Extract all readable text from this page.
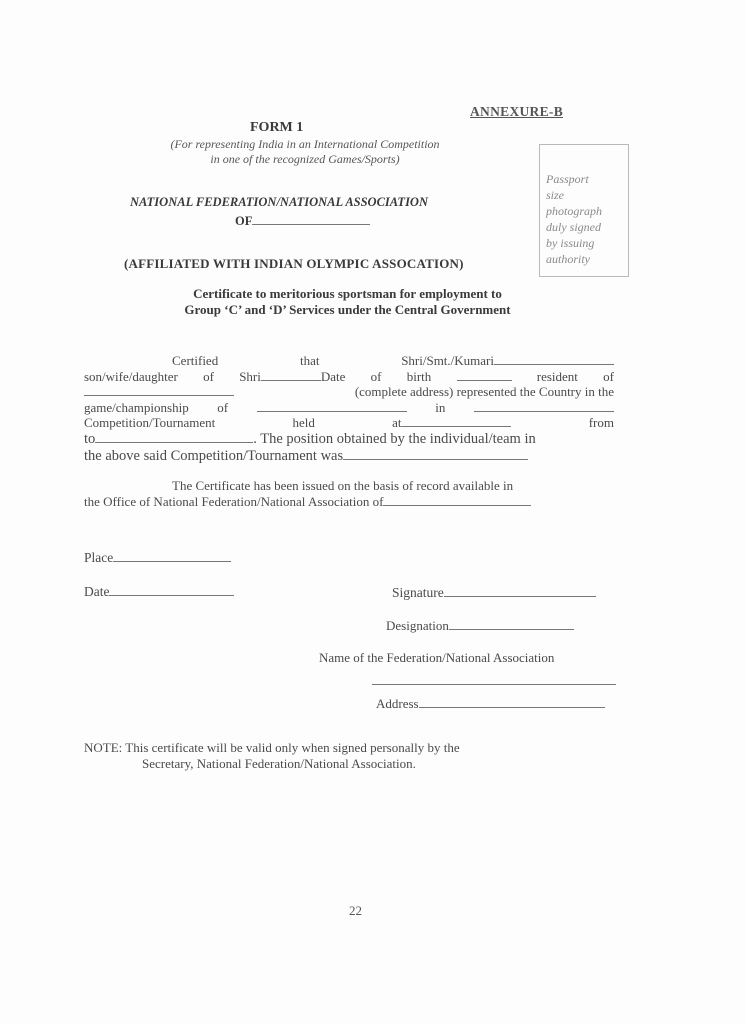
ANNEXURE-B
FORM 1
(For representing India in an International Competition
in one of the recognized Games/Sports)
NATIONAL FEDERATION/NATIONAL ASSOCIATION
OF
(AFFILIATED WITH INDIAN OLYMPIC ASSOCATION)
Passport
size
photograph
duly signed
by issuing
authority
Certificate to meritorious sportsman for employment to
Group ‘C’ and ‘D’ Services under the Central Government
Certified	that	Shri/Smt./Kumari
son/wife/daughter of Shri	Date of birth	resident of
(complete address) represented the Country in the
game/championship of	in
Competition/Tournament	held	at	from
to	. The position obtained by the individual/team in
the above said Competition/Tournament was
The Certificate has been issued on the basis of record available in
the Office of National Federation/National Association of
Place
Date	Signature
Designation
Name of the Federation/National Association
Address
NOTE: This certificate will be valid only when signed personally by the
Secretary, National Federation/National Association.
22
